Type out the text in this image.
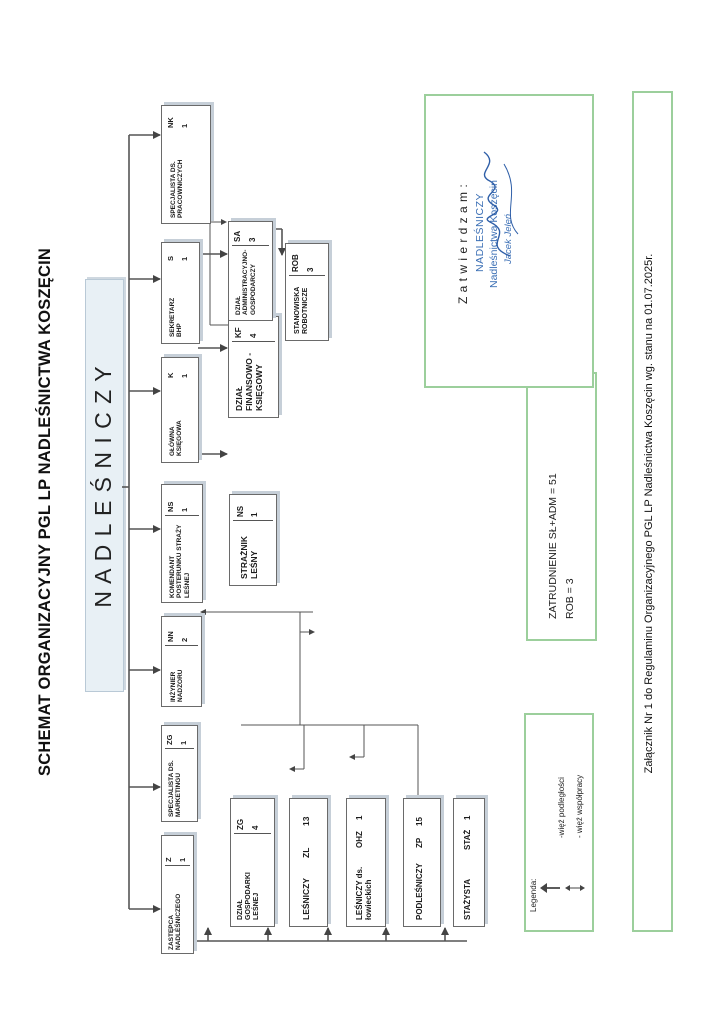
SCHEMAT ORGANIZACYJNY PGL LP NADLEŚNICTWA KOSZĘCIN N A D L E Ś N I C Z Y
ZASTĘPCA NADLEŚNICZEGO
Z 1
SPECJALISTA DS. MARKETINGU
ZG 1
INŻYNIER NADZORU
NN 2
KOMENDANT POSTERUNKU STRAŻY LEŚNEJ
NS 1
GŁÓWNA KSIĘGOWA
K 1
SEKRETARZ BHP
S 1
SPECJALISTA DS. PRACOWNICZYCH
NK 1
DZIAŁ GOSPODARKI LEŚNEJ
ZG 4
LEŚNICZY
ZL
13
LEŚNICZY ds. łowieckich
OHZ
1
PODLEŚNICZY
ZP
15
STAŻYSTA
STAŻ
1
STRAŻNIK LEŚNY
NS 1
DZIAŁ FINANSOWO - KSIĘGOWY
KF 4
DZIAŁ ADMINISTRACYJNO-GOSPODARCZY
SA 3
STANOWISKA ROBOTNICZE
ROB 3
Legenda:
-więź podległości - więź współpracy
ZATRUDNIENIE SŁ+ADM = 51 ROB = 3
Z a t w i e r d z a m : NADLEŚNICZY Nadleśnictwa Koszęcin Jacek Jeleń
Załącznik Nr 1 do Regulaminu Organizacyjnego PGL LP Nadleśnictwa Koszęcin wg. stanu na 01.07.2025r.
